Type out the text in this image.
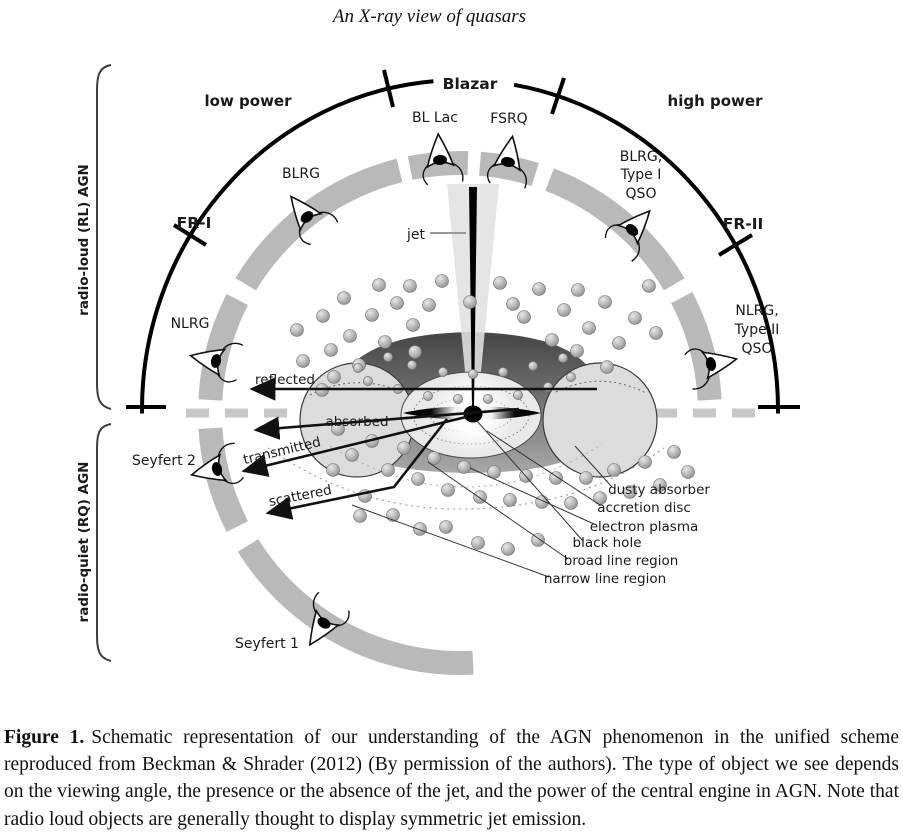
An X-ray view of quasars
Blazar
low power	high power
BL Lac FSRQ
BLRG
BLRG,
Type I
QSO
FR-I	FR-II
NLRG
NLRG,
Type II
QSO
Seyfert 2
Seyfert 1
jet
reflected
absorbed
transmitted
scattered	dusty absorber
accretion disc
electron plasma
black hole
broad line region
narrow line region
radio-loud (RL) AGN
radio-quiet (RQ) AGN
Figure 1. Schematic representation of our understanding of the AGN phenomenon in the unified scheme reproduced from Beckman & Shrader (2012) (By permission of the authors). The type of object we see depends on the viewing angle, the presence or the absence of the jet, and the power of the central engine in AGN. Note that radio loud objects are generally thought to display symmetric jet emission.
